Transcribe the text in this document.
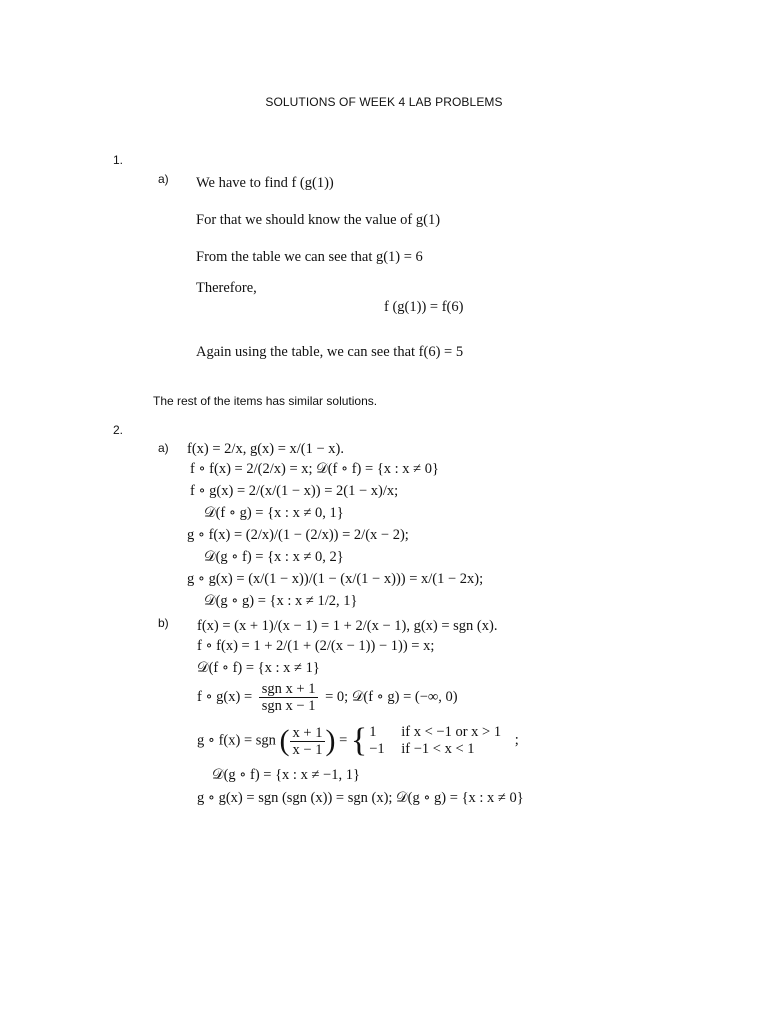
SOLUTIONS OF WEEK 4 LAB PROBLEMS
1.
a) We have to find f (g(1))
For that we should know the value of g(1)
From the table we can see that g(1) = 6
Therefore,
f (g(1)) = f(6)
Again using the table, we can see that f(6) = 5
The rest of the items has similar solutions.
2.
a) f(x) = 2/x, g(x) = x/(1 − x).
f ∘ f(x) = 2/(2/x) = x; 𝒟(f ∘ f) = {x : x ≠ 0}
f ∘ g(x) = 2/(x/(1 − x)) = 2(1 − x)/x;
𝒟(f ∘ g) = {x : x ≠ 0, 1}
g ∘ f(x) = (2/x)/(1 − (2/x)) = 2/(x − 2);
𝒟(g ∘ f) = {x : x ≠ 0, 2}
g ∘ g(x) = (x/(1 − x))/(1 − (x/(1 − x))) = x/(1 − 2x);
𝒟(g ∘ g) = {x : x ≠ 1/2, 1}
b) f(x) = (x + 1)/(x − 1) = 1 + 2/(x − 1), g(x) = sgn (x).
f ∘ f(x) = 1 + 2/(1 + (2/(x − 1)) − 1)) = x;
𝒟(f ∘ f) = {x : x ≠ 1}
f ∘ $g(x) = \frac{\text{sgn x + 1}}{\text{sgn x − 1}} = 0$; 𝒟(f ∘ g) = (−∞, 0)
g ∘ f(x) = sgn ( $\frac{x + 1}{x - 1}$ ) = { 1 if x < −1 or x > 1
−1 if −1 < x < 1
;
𝒟(g ∘ f) = {x : x ≠ −1, 1}
g ∘ g(x) = sgn (sgn (x)) = sgn (x); 𝒟(g ∘ g) = {x : x ≠ 0}
